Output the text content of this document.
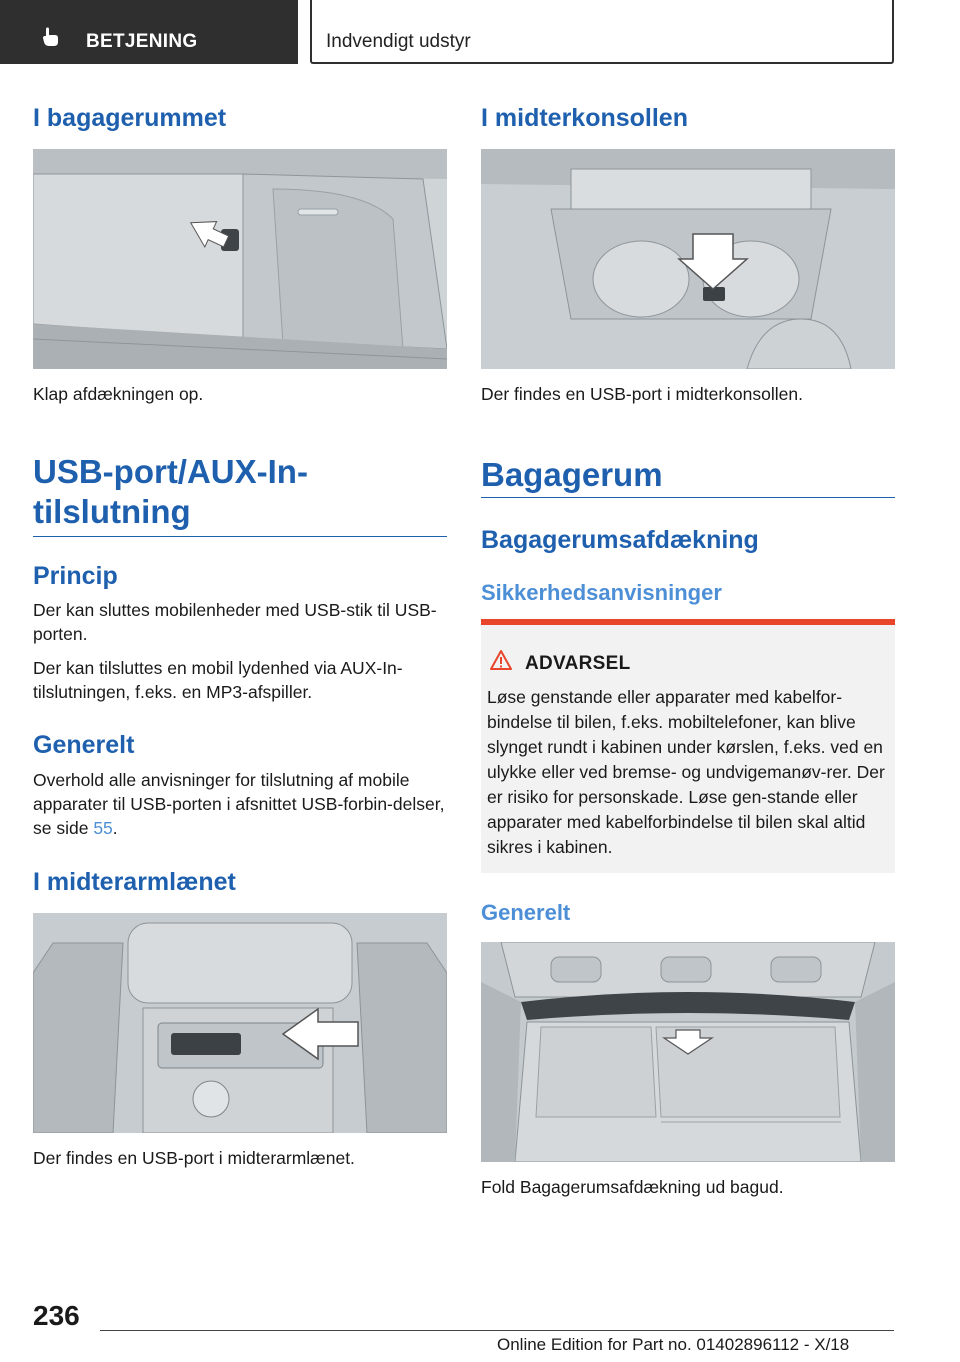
BETJENING	Indvendigt udstyr
I bagagerummet
Klap afdækningen op.
USB-port/AUX-In-
tilslutning
Princip
Der kan sluttes mobilenheder med USB-stik til USB-porten.
Der kan tilsluttes en mobil lydenhed via AUX-In-tilslutningen, f.eks. en MP3-afspiller.
Generelt
Overhold alle anvisninger for tilslutning af mobile apparater til USB-porten i afsnittet USB-forbin-delser, se side 55.
I midterarmlænet
Der findes en USB-port i midterarmlænet.
I midterkonsollen
Der findes en USB-port i midterkonsollen.
Bagagerum
Bagagerumsafdækning
Sikkerhedsanvisninger
ADVARSEL
Løse genstande eller apparater med kabelfor-bindelse til bilen, f.eks. mobiltelefoner, kan blive slynget rundt i kabinen under kørslen, f.eks. ved en ulykke eller ved bremse- og undvigemanøv-rer. Der er risiko for personskade. Løse gen-stande eller apparater med kabelforbindelse til bilen skal altid sikres i kabinen.
Generelt
Fold Bagagerumsafdækning ud bagud.
236
Online Edition for Part no. 01402896112 - X/18
